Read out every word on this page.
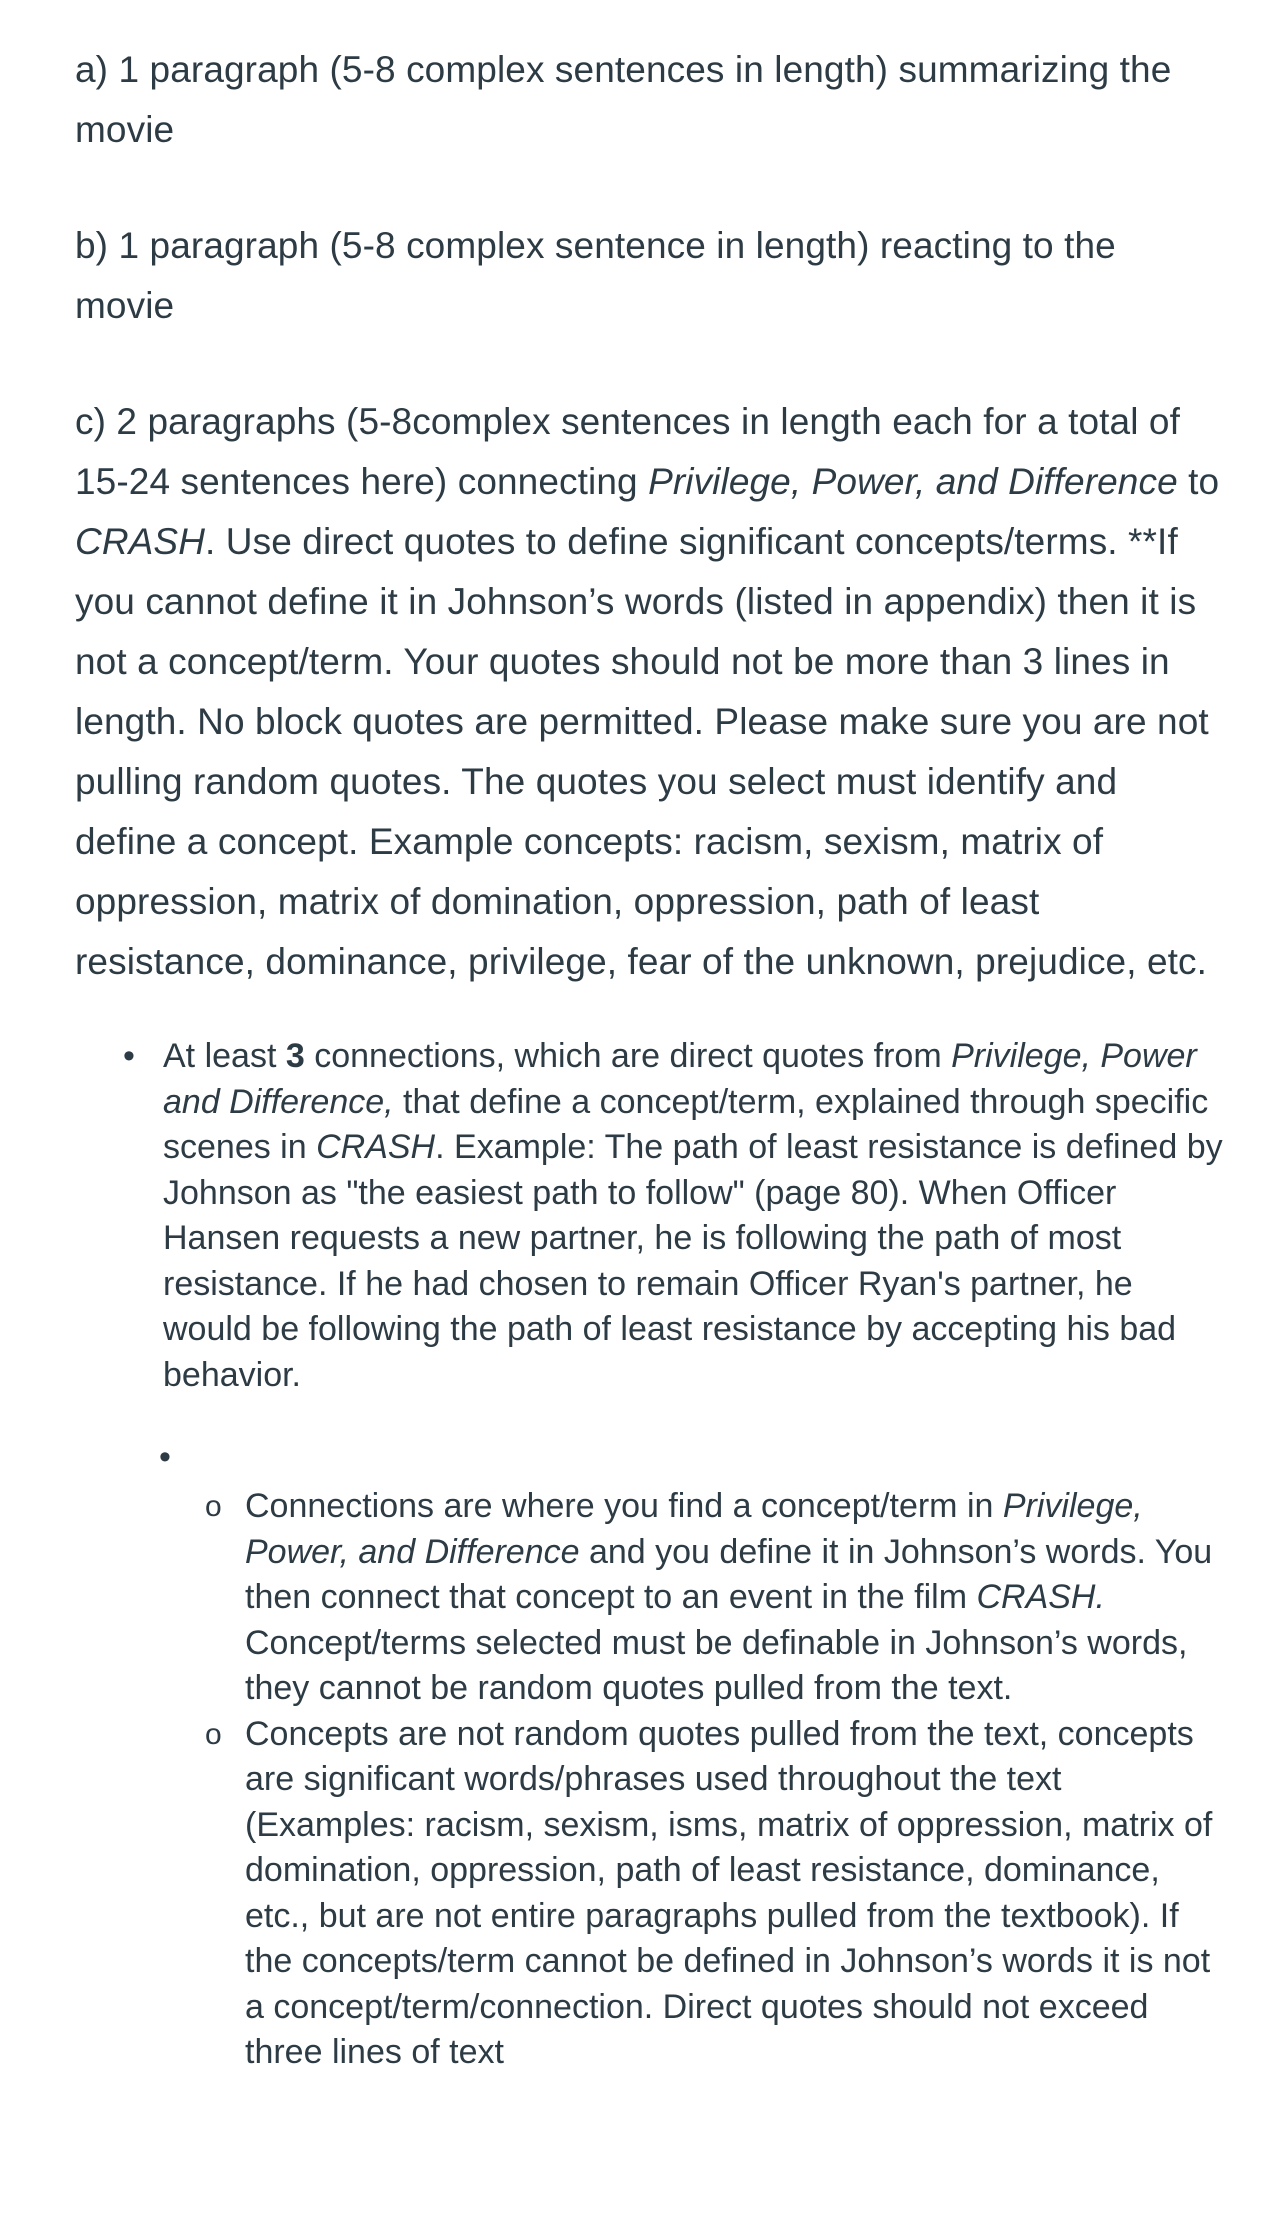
a) 1 paragraph (5-8 complex sentences in length) summarizing the movie

b) 1 paragraph (5-8 complex sentence in length) reacting to the movie

c) 2 paragraphs (5-8complex sentences in length each for a total of 15-24 sentences here) connecting Privilege, Power, and Difference to CRASH. Use direct quotes to define significant concepts/terms. **If you cannot define it in Johnson’s words (listed in appendix) then it is not a concept/term. Your quotes should not be more than 3 lines in length. No block quotes are permitted. Please make sure you are not pulling random quotes. The quotes you select must identify and define a concept. Example concepts: racism, sexism, matrix of oppression, matrix of domination, oppression, path of least resistance, dominance, privilege, fear of the unknown, prejudice, etc.

• At least 3 connections, which are direct quotes from Privilege, Power and Difference, that define a concept/term, explained through specific scenes in CRASH. Example: The path of least resistance is defined by Johnson as "the easiest path to follow" (page 80). When Officer Hansen requests a new partner, he is following the path of most resistance. If he had chosen to remain Officer Ryan's partner, he would be following the path of least resistance by accepting his bad behavior.
•
o Connections are where you find a concept/term in Privilege, Power, and Difference and you define it in Johnson’s words. You then connect that concept to an event in the film CRASH. Concept/terms selected must be definable in Johnson’s words, they cannot be random quotes pulled from the text.
o Concepts are not random quotes pulled from the text, concepts are significant words/phrases used throughout the text (Examples: racism, sexism, isms, matrix of oppression, matrix of domination, oppression, path of least resistance, dominance, etc., but are not entire paragraphs pulled from the textbook). If the concepts/term cannot be defined in Johnson’s words it is not a concept/term/connection. Direct quotes should not exceed three lines of text
